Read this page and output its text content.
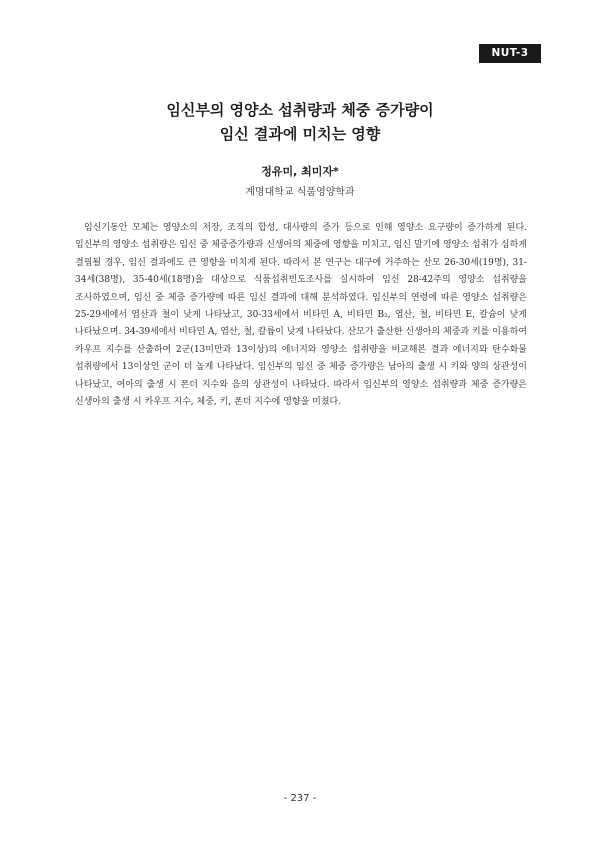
NUT-3
임신부의 영양소 섭취량과 체중 증가량이
임신 결과에 미치는 영향
정유미, 최미자*
계명대학교 식품영양학과

임신기동안 모체는 영양소의 저장, 조직의 합성, 대사량의 증가 등으로 인해 영양소 요구량이 증가하게 된다. 임신부의 영양소 섭취량은 임신 중 체중증가량과 신생아의 체중에 영향을 미치고, 임신 말기에 영양소 섭취가 심하게 결핍될 경우, 임신 결과에도 큰 영향을 미치게 된다. 따라서 본 연구는 대구에 거주하는 산모 26-30세(19명), 31-34세(38명), 35-40세(18명)을 대상으로 식품섭취빈도조사를 실시하여 임신 28-42주의 영양소 섭취량을 조사하였으며, 임신 중 체중 증가량에 따른 임신 결과에 대해 분석하였다. 임신부의 연령에 따른 영양소 섭취량은 25-29세에서 엽산과 철이 낮게 나타났고, 30-33세에서 비타민 A, 비타민 B₂, 엽산, 철, 비타민 E, 칼슘이 낮게 나타났으며. 34-39세에서 비타민 A, 엽산, 철, 칼륨이 낮게 나타났다. 산모가 출산한 신생아의 체중과 키를 이용하여 카우프 지수를 산출하여 2군(13미만과 13이상)의 에너지와 영양소 섭취량을 비교해본 결과 에너지와 탄수화물 섭취량에서 13이상인 군이 더 높게 나타났다. 임신부의 임신 중 체중 증가량은 남아의 출생 시 키와 양의 상관성이 나타났고, 여아의 출생 시 폰더 지수와 음의 상관성이 나타났다. 따라서 임신부의 영양소 섭취량과 체중 증가량은 신생아의 출생 시 카우프 지수, 체중, 키, 폰더 지수에 영향을 미쳤다.

- 237 -
